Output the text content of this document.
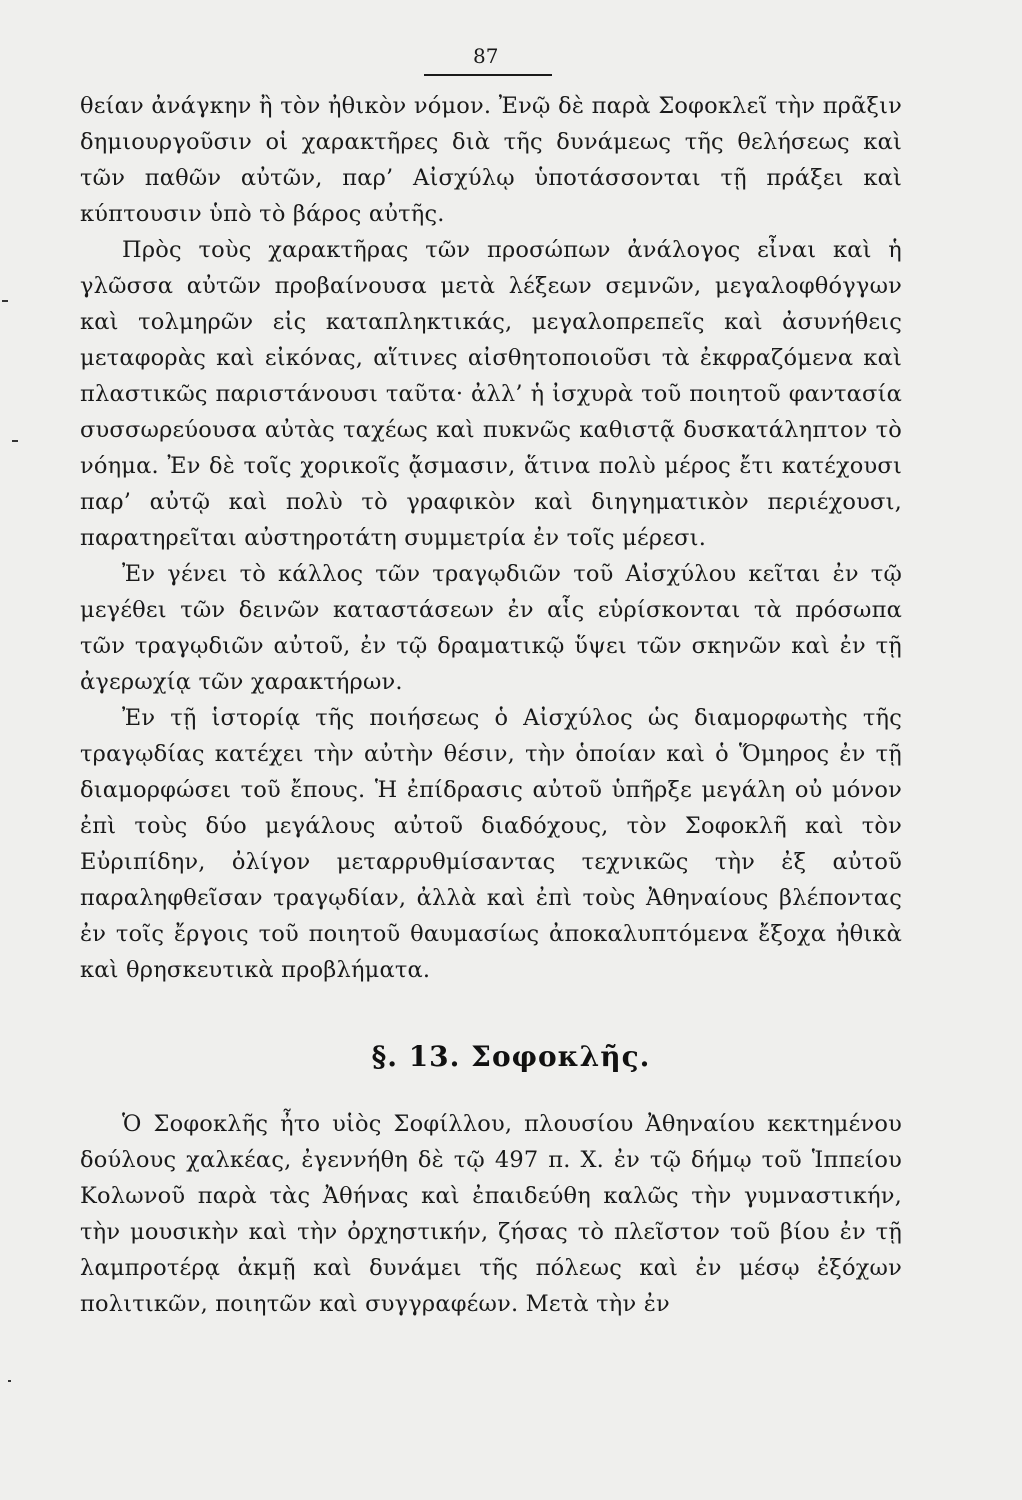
87

θείαν ἀνάγκην ἢ τὸν ἠθικὸν νόμον. Ἐνῷ δὲ παρὰ Σοφοκλεῖ τὴν πρᾶξιν δημιουργοῦσιν οἱ χαρακτῆρες διὰ τῆς δυνάμεως τῆς θελήσεως καὶ τῶν παθῶν αὐτῶν, παρ’ Αἰσχύλῳ ὑποτάσσονται τῇ πράξει καὶ κύπτουσιν ὑπὸ τὸ βάρος αὐτῆς.

Πρὸς τοὺς χαρακτῆρας τῶν προσώπων ἀνάλογος εἶναι καὶ ἡ γλῶσσα αὐτῶν προβαίνουσα μετὰ λέξεων σεμνῶν, μεγαλοφθόγγων καὶ τολμηρῶν εἰς καταπληκτικάς, μεγαλοπρεπεῖς καὶ ἀσυνήθεις μεταφορὰς καὶ εἰκόνας, αἵτινες αἰσθητοποιοῦσι τὰ ἐκφραζόμενα καὶ πλαστικῶς παριστάνουσι ταῦτα· ἀλλ’ ἡ ἰσχυρὰ τοῦ ποιητοῦ φαντασία συσσωρεύουσα αὐτὰς ταχέως καὶ πυκνῶς καθιστᾷ δυσκατάληπτον τὸ νόημα. Ἐν δὲ τοῖς χορικοῖς ᾄσμασιν, ἅτινα πολὺ μέρος ἔτι κατέχουσι παρ’ αὐτῷ καὶ πολὺ τὸ γραφικὸν καὶ διηγηματικὸν περιέχουσι, παρατηρεῖται αὐστηροτάτη συμμετρία ἐν τοῖς μέρεσι.

Ἐν γένει τὸ κάλλος τῶν τραγῳδιῶν τοῦ Αἰσχύλου κεῖται ἐν τῷ μεγέθει τῶν δεινῶν καταστάσεων ἐν αἷς εὑρίσκονται τὰ πρόσωπα τῶν τραγῳδιῶν αὐτοῦ, ἐν τῷ δραματικῷ ὕψει τῶν σκηνῶν καὶ ἐν τῇ ἀγερωχίᾳ τῶν χαρακτήρων.

Ἐν τῇ ἱστορίᾳ τῆς ποιήσεως ὁ Αἰσχύλος ὡς διαμορφωτὴς τῆς τραγῳδίας κατέχει τὴν αὐτὴν θέσιν, τὴν ὁποίαν καὶ ὁ Ὅμηρος ἐν τῇ διαμορφώσει τοῦ ἔπους. Ἡ ἐπίδρασις αὐτοῦ ὑπῆρξε μεγάλη οὐ μόνον ἐπὶ τοὺς δύο μεγάλους αὐτοῦ διαδόχους, τὸν Σοφοκλῆ καὶ τὸν Εὐριπίδην, ὀλίγον μεταρρυθμίσαντας τεχνικῶς τὴν ἐξ αὐτοῦ παραληφθεῖσαν τραγῳδίαν, ἀλλὰ καὶ ἐπὶ τοὺς Ἀθηναίους βλέποντας ἐν τοῖς ἔργοις τοῦ ποιητοῦ θαυμασίως ἀποκαλυπτόμενα ἔξοχα ἠθικὰ καὶ θρησκευτικὰ προβλήματα.

§. 13. Σοφοκλῆς.

Ὁ Σοφοκλῆς ἦτο υἱὸς Σοφίλλου, πλουσίου Ἀθηναίου κεκτημένου δούλους χαλκέας, ἐγεννήθη δὲ τῷ 497 π. Χ. ἐν τῷ δήμῳ τοῦ Ἱππείου Κολωνοῦ παρὰ τὰς Ἀθήνας καὶ ἐπαιδεύθη καλῶς τὴν γυμναστικήν, τὴν μουσικὴν καὶ τὴν ὀρχηστικήν, ζήσας τὸ πλεῖστον τοῦ βίου ἐν τῇ λαμπροτέρᾳ ἀκμῇ καὶ δυνάμει τῆς πόλεως καὶ ἐν μέσῳ ἐξόχων πολιτικῶν, ποιητῶν καὶ συγγραφέων. Μετὰ τὴν ἐν
